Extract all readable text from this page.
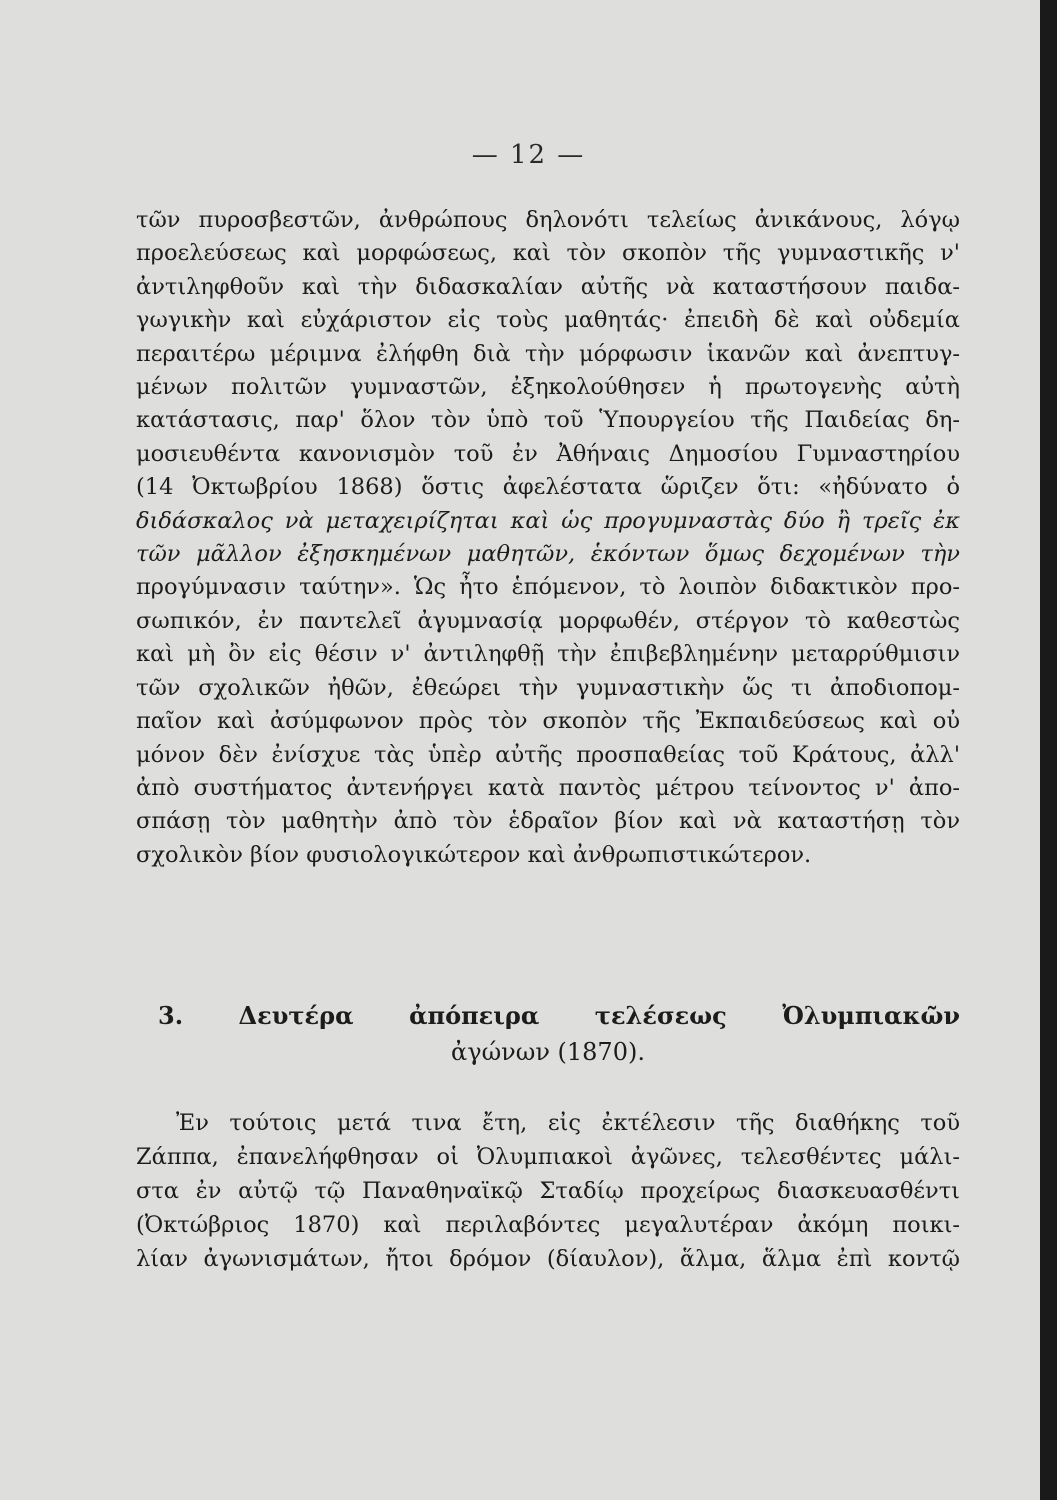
— 12 —
τῶν πυροσβεστῶν, ἀνθρώπους δηλονότι τελείως ἀνικάνους, λόγῳ
προελεύσεως καὶ μορφώσεως, καὶ τὸν σκοπὸν τῆς γυμναστικῆς ν'
ἀντιληφθοῦν καὶ τὴν διδασκαλίαν αὐτῆς νὰ καταστήσουν παιδα-
γωγικὴν καὶ εὐχάριστον εἰς τοὺς μαθητάς· ἐπειδὴ δὲ καὶ οὐδεμία
περαιτέρω μέριμνα ἐλήφθη διὰ τὴν μόρφωσιν ἱκανῶν καὶ ἀνεπτυγ-
μένων πολιτῶν γυμναστῶν, ἐξηκολούθησεν ἡ πρωτογενὴς αὐτὴ
κατάστασις, παρ' ὅλον τὸν ὑπὸ τοῦ Ὑπουργείου τῆς Παιδείας δη-
μοσιευθέντα κανονισμὸν τοῦ ἐν Ἀθήναις Δημοσίου Γυμναστηρίου
(14 Ὀκτωβρίου 1868) ὅστις ἀφελέστατα ὥριζεν ὅτι: «ἠδύνατο ὁ
διδάσκαλος νὰ μεταχειρίζηται καὶ ὡς προγυμναστὰς δύο ἢ τρεῖς ἐκ
τῶν μᾶλλον ἐξησκημένων μαθητῶν, ἑκόντων ὅμως δεχομένων τὴν
προγύμνασιν ταύτην». Ὡς ἦτο ἑπόμενον, τὸ λοιπὸν διδακτικὸν προ-
σωπικόν, ἐν παντελεῖ ἀγυμνασίᾳ μορφωθέν, στέργον τὸ καθεστὼς
καὶ μὴ ὂν εἰς θέσιν ν' ἀντιληφθῇ τὴν ἐπιβεβλημένην μεταρρύθμισιν
τῶν σχολικῶν ἠθῶν, ἐθεώρει τὴν γυμναστικὴν ὥς τι ἀποδιοπομ-
παῖον καὶ ἀσύμφωνον πρὸς τὸν σκοπὸν τῆς Ἐκπαιδεύσεως καὶ οὐ
μόνον δὲν ἐνίσχυε τὰς ὑπὲρ αὐτῆς προσπαθείας τοῦ Κράτους, ἀλλ'
ἀπὸ συστήματος ἀντενήργει κατὰ παντὸς μέτρου τείνοντος ν' ἀπο-
σπάσῃ τὸν μαθητὴν ἀπὸ τὸν ἑδραῖον βίον καὶ νὰ καταστήσῃ τὸν
σχολικὸν βίον φυσιολογικώτερον καὶ ἀνθρωπιστικώτερον.
3. Δευτέρα ἀπόπειρα τελέσεως Ὀλυμπιακῶν
ἀγώνων (1870).
Ἐν τούτοις μετά τινα ἔτη, εἰς ἐκτέλεσιν τῆς διαθήκης τοῦ
Ζάππα, ἐπανελήφθησαν οἱ Ὀλυμπιακοὶ ἀγῶνες, τελεσθέντες μάλι-
στα ἐν αὐτῷ τῷ Παναθηναϊκῷ Σταδίῳ προχείρως διασκευασθέντι
(Ὀκτώβριος 1870) καὶ περιλαβόντες μεγαλυτέραν ἀκόμη ποικι-
λίαν ἀγωνισμάτων, ἤτοι δρόμον (δίαυλον), ἅλμα, ἅλμα ἐπὶ κοντῷ
